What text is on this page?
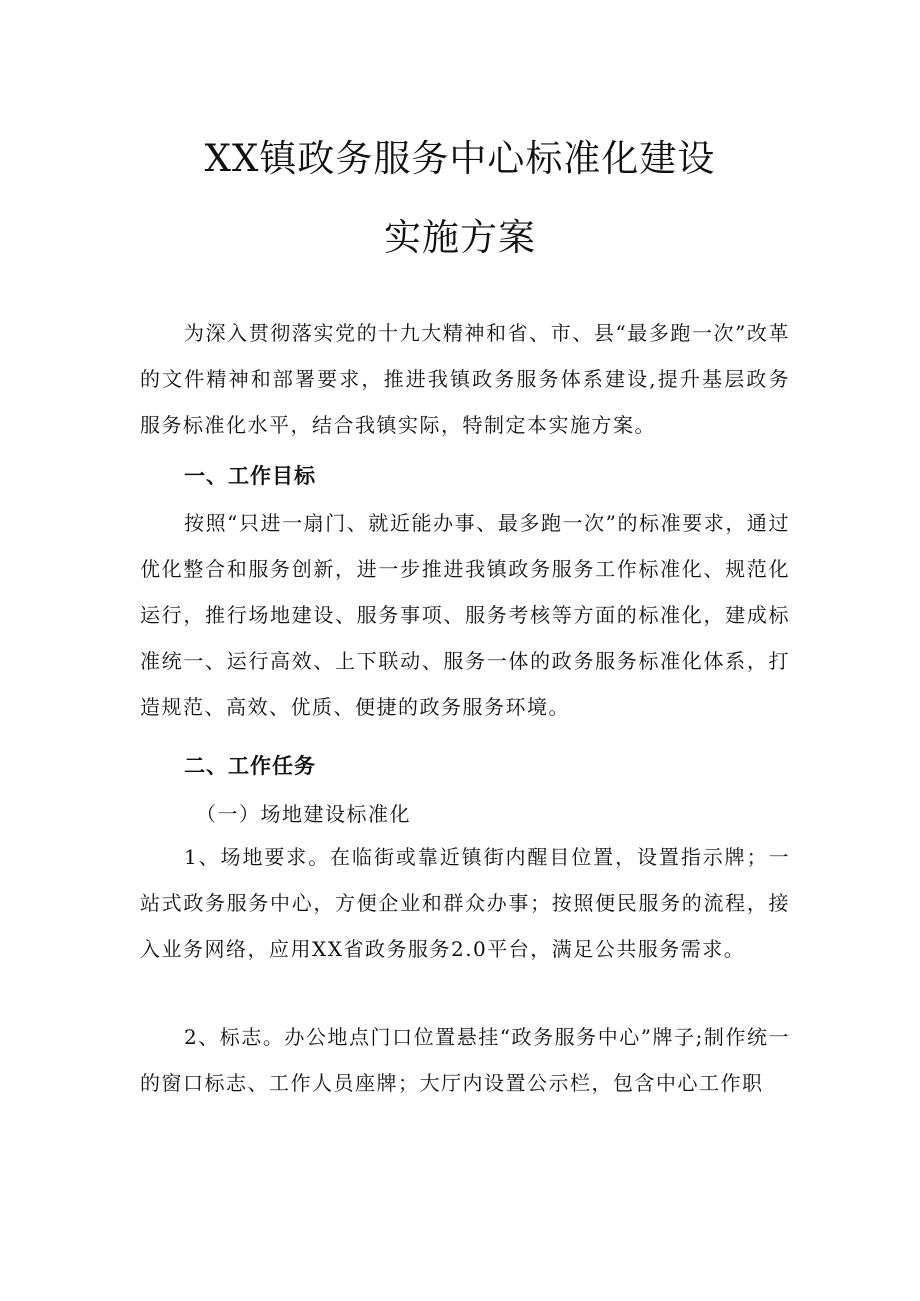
XX镇政务服务中心标准化建设
实施方案

为深入贯彻落实党的十九大精神和省、市、县“最多跑一次”改革的文件精神和部署要求，推进我镇政务服务体系建设,提升基层政务服务标准化水平，结合我镇实际，特制定本实施方案。

一、工作目标

按照“只进一扇门、就近能办事、最多跑一次”的标准要求，通过优化整合和服务创新，进一步推进我镇政务服务工作标准化、规范化运行，推行场地建设、服务事项、服务考核等方面的标准化，建成标准统一、运行高效、上下联动、服务一体的政务服务标准化体系，打造规范、高效、优质、便捷的政务服务环境。

二、工作任务

（一）场地建设标准化

1、场地要求。在临街或靠近镇街内醒目位置，设置指示牌；一站式政务服务中心，方便企业和群众办事；按照便民服务的流程，接入业务网络，应用XX省政务服务2.0平台，满足公共服务需求。

2、标志。办公地点门口位置悬挂“政务服务中心”牌子;制作统一的窗口标志、工作人员座牌；大厅内设置公示栏，包含中心工作职
